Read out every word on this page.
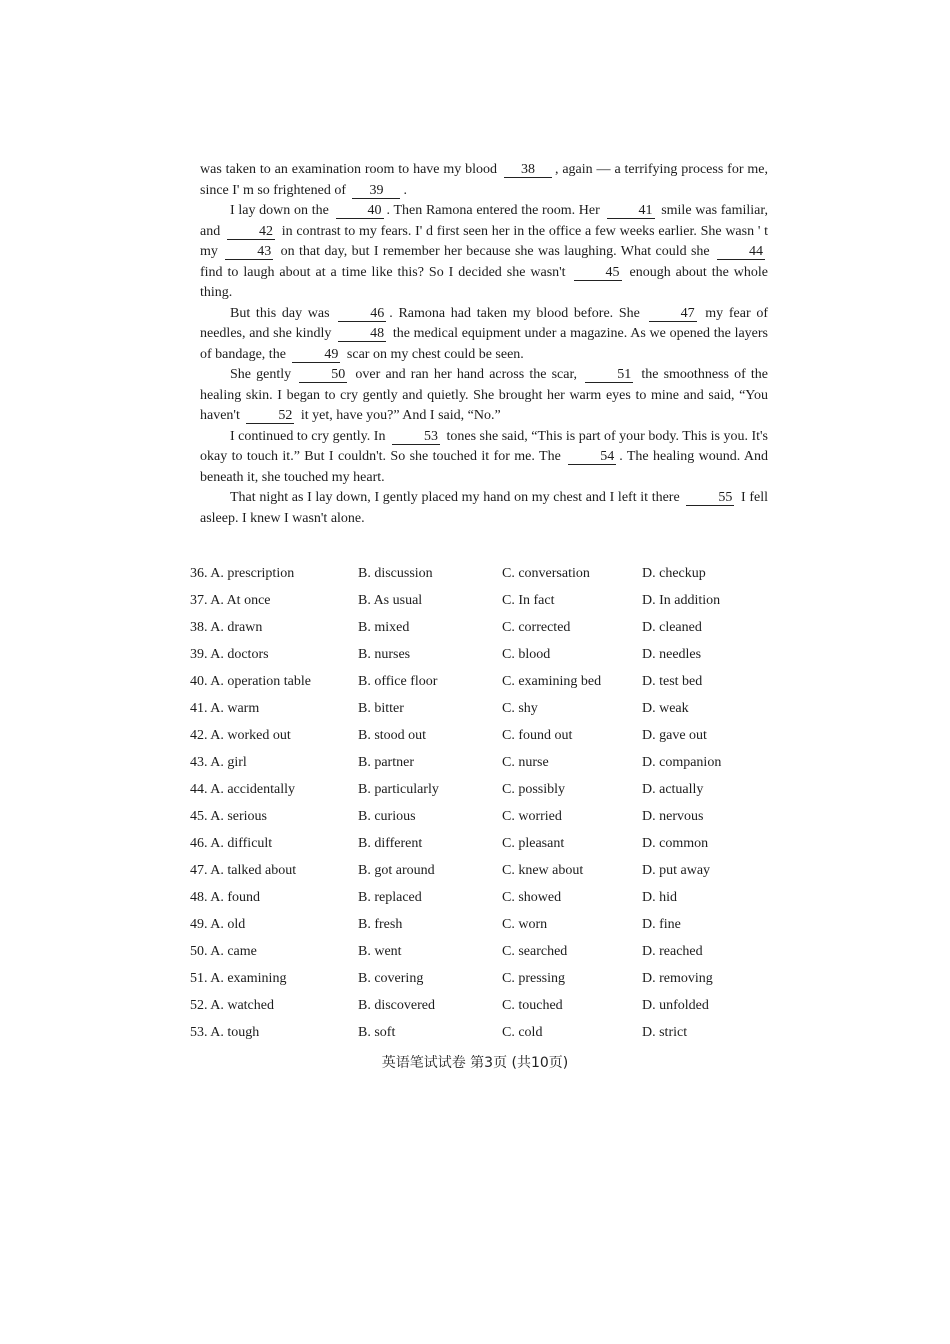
was taken to an examination room to have my blood 38 , again — a terrifying process for me, since I' m so frightened of 39 .

I lay down on the	40 . Then Ramona entered the room. Her	41 smile was familiar, and	42 in contrast to my fears. I' d first seen her in the office a few weeks earlier. She wasn ' t my	43 on that day, but I remember her because she was laughing. What could she	44 find to laugh about at a time like this? So I decided she wasn't	45 enough about the whole thing.

But this day was	46 . Ramona had taken my blood before. She	47 my fear of needles, and she kindly	48 the medical equipment under a magazine. As we opened the layers of bandage, the	49 scar on my chest could be seen.

She gently	50 over and ran her hand across the scar,	51 the smoothness of the healing skin. I began to cry gently and quietly. She brought her warm eyes to mine and said, “You haven't	52 it yet, have you?” And I said, “No.”

I continued to cry gently. In	53 tones she said, “This is part of your body. This is you. It's okay to touch it.” But I couldn't. So she touched it for me. The	54 . The healing wound. And beneath it, she touched my heart.

That night as I lay down, I gently placed my hand on my chest and I left it there	55 I fell asleep. I knew I wasn't alone.

36. A. prescription	B. discussion	C. conversation	D. checkup
37. A. At once	B. As usual	C. In fact	D. In addition
38. A. drawn	B. mixed	C. corrected	D. cleaned
39. A. doctors	B. nurses	C. blood	D. needles
40. A. operation table	B. office floor	C. examining bed	D. test bed
41. A. warm	B. bitter	C. shy	D. weak
42. A. worked out	B. stood out	C. found out	D. gave out
43. A. girl	B. partner	C. nurse	D. companion
44. A. accidentally	B. particularly	C. possibly	D. actually
45. A. serious	B. curious	C. worried	D. nervous
46. A. difficult	B. different	C. pleasant	D. common
47. A. talked about	B. got around	C. knew about	D. put away
48. A. found	B. replaced	C. showed	D. hid
49. A. old	B. fresh	C. worn	D. fine
50. A. came	B. went	C. searched	D. reached
51. A. examining	B. covering	C. pressing	D. removing
52. A. watched	B. discovered	C. touched	D. unfolded
53. A. tough	B. soft	C. cold	D. strict
英语笔试试卷 第3页 (共10页)
